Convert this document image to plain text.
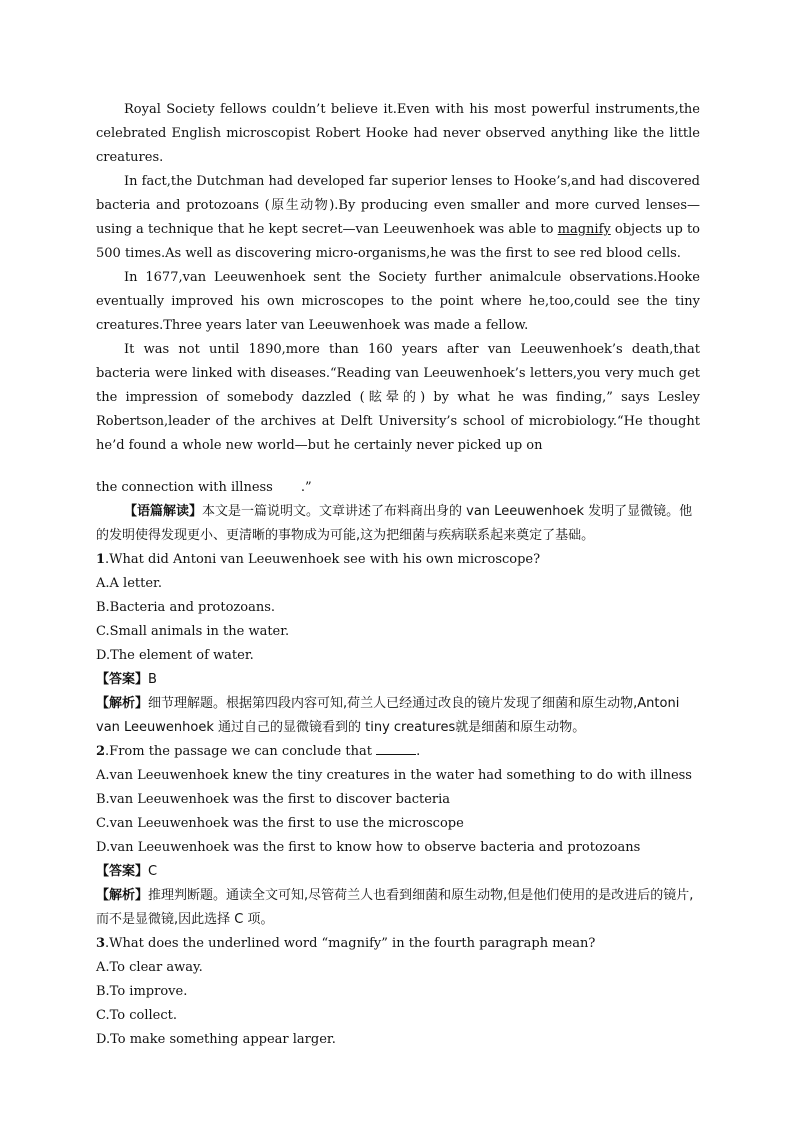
Royal Society fellows couldn’t believe it.Even with his most powerful instruments,the celebrated English microscopist Robert Hooke had never observed anything like the little creatures.

In fact,the Dutchman had developed far superior lenses to Hooke’s,and had discovered bacteria and protozoans (原生动物).By producing even smaller and more curved lenses—using a technique that he kept secret—van Leeuwenhoek was able to magnify objects up to 500 times.As well as discovering micro-organisms,he was the first to see red blood cells.

In 1677,van Leeuwenhoek sent the Society further animalcule observations.Hooke eventually improved his own microscopes to the point where he,too,could see the tiny creatures.Three years later van Leeuwenhoek was made a fellow.

It was not until 1890,more than 160 years after van Leeuwenhoek’s death,that bacteria were linked with diseases.“Reading van Leeuwenhoek’s letters,you very much get the impression of somebody dazzled (眩晕的) by what he was finding,” says Lesley Robertson,leader of the archives at Delft University’s school of microbiology.“He thought he’d found a whole new world—but he certainly never picked up on

the connection with illness .”

【语篇解读】本文是一篇说明文。文章讲述了布料商出身的 van Leeuwenhoek 发明了显微镜。他的发明使得发现更小、更清晰的事物成为可能,这为把细菌与疾病联系起来奠定了基础。

1.What did Antoni van Leeuwenhoek see with his own microscope?

A.A letter.

B.Bacteria and protozoans.

C.Small animals in the water.

D.The element of water.

【答案】B

【解析】细节理解题。根据第四段内容可知,荷兰人已经通过改良的镜片发现了细菌和原生动物,Antoni van Leeuwenhoek 通过自己的显微镜看到的 tiny creatures就是细菌和原生动物。

2.From the passage we can conclude that	.

A.van Leeuwenhoek knew the tiny creatures in the water had something to do with illness

B.van Leeuwenhoek was the first to discover bacteria

C.van Leeuwenhoek was the first to use the microscope

D.van Leeuwenhoek was the first to know how to observe bacteria and protozoans

【答案】C

【解析】推理判断题。通读全文可知,尽管荷兰人也看到细菌和原生动物,但是他们使用的是改进后的镜片,而不是显微镜,因此选择 C 项。

3.What does the underlined word “magnify” in the fourth paragraph mean?

A.To clear away.

B.To improve.

C.To collect.

D.To make something appear larger.
